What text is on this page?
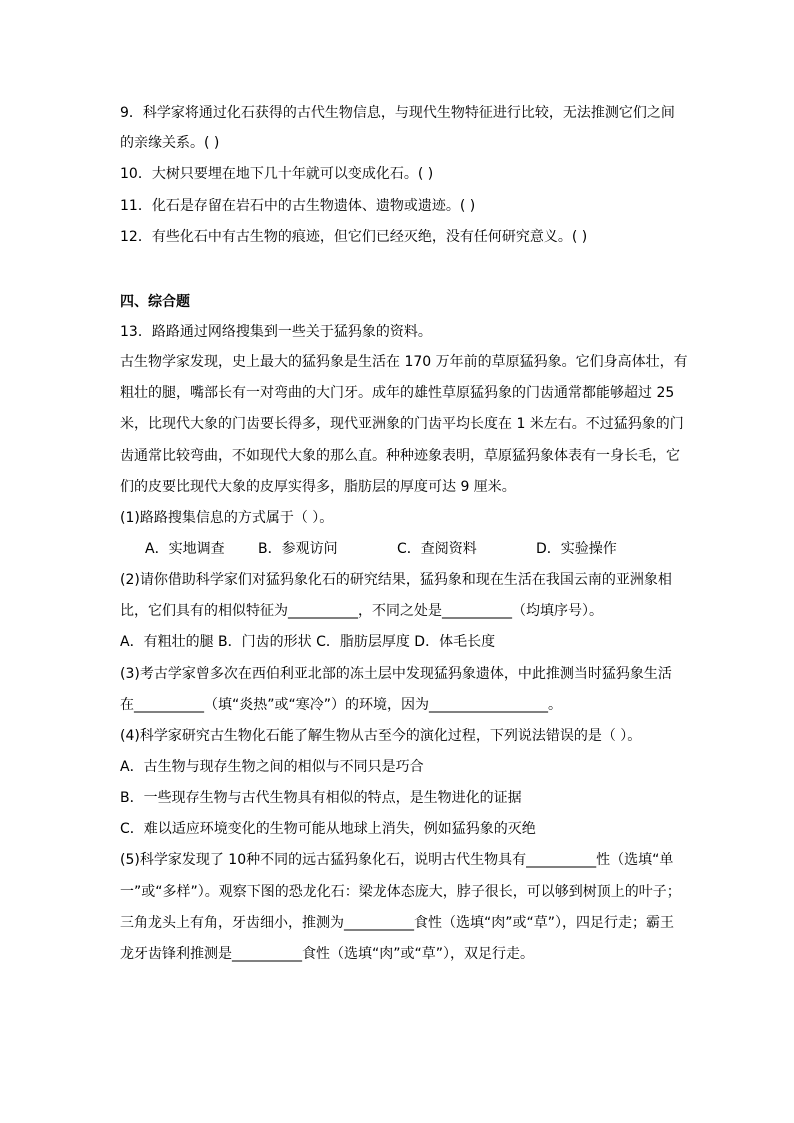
9．科学家将通过化石获得的古代生物信息，与现代生物特征进行比较，无法推测它们之间
的亲缘关系。( )
10．大树只要埋在地下几十年就可以变成化石。( )
11．化石是存留在岩石中的古生物遗体、遗物或遗迹。( )
12．有些化石中有古生物的痕迹，但它们已经灭绝，没有任何研究意义。( )
四、综合题
13．路路通过网络搜集到一些关于猛犸象的资料。
古生物学家发现，史上最大的猛犸象是生活在 170 万年前的草原猛犸象。它们身高体壮，有
粗壮的腿，嘴部长有一对弯曲的大门牙。成年的雄性草原猛犸象的门齿通常都能够超过 25
米，比现代大象的门齿要长得多，现代亚洲象的门齿平均长度在 1 米左右。不过猛犸象的门
齿通常比较弯曲，不如现代大象的那么直。种种迹象表明，草原猛犸象体表有一身长毛，它
们的皮要比现代大象的皮厚实得多，脂肪层的厚度可达 9 厘米。
(1)路路搜集信息的方式属于（ ）。
A．实地调查 B．参观访问	C．查阅资料	D．实验操作
(2)请你借助科学家们对猛犸象化石的研究结果，猛犸象和现在生活在我国云南的亚洲象相
比，它们具有的相似特征为__________，不同之处是__________（均填序号）。
A．有粗壮的腿 B．门齿的形状 C．脂肪层厚度 D．体毛长度
(3)考古学家曾多次在西伯利亚北部的冻土层中发现猛犸象遗体，中此推测当时猛犸象生活
在__________（填“炎热”或“寒冷”）的环境，因为_________________。
(4)科学家研究古生物化石能了解生物从古至今的演化过程，下列说法错误的是（ ）。
A．古生物与现存生物之间的相似与不同只是巧合
B．一些现存生物与古代生物具有相似的特点，是生物进化的证据
C．难以适应环境变化的生物可能从地球上消失，例如猛犸象的灭绝
(5)科学家发现了 10种不同的远古猛犸象化石，说明古代生物具有__________性（选填“单
一”或“多样”）。观察下图的恐龙化石：梁龙体态庞大，脖子很长，可以够到树顶上的叶子；
三角龙头上有角，牙齿细小，推测为__________食性（选填“肉”或“草”），四足行走；霸王
龙牙齿锋利推测是__________食性（选填“肉”或“草”），双足行走。
